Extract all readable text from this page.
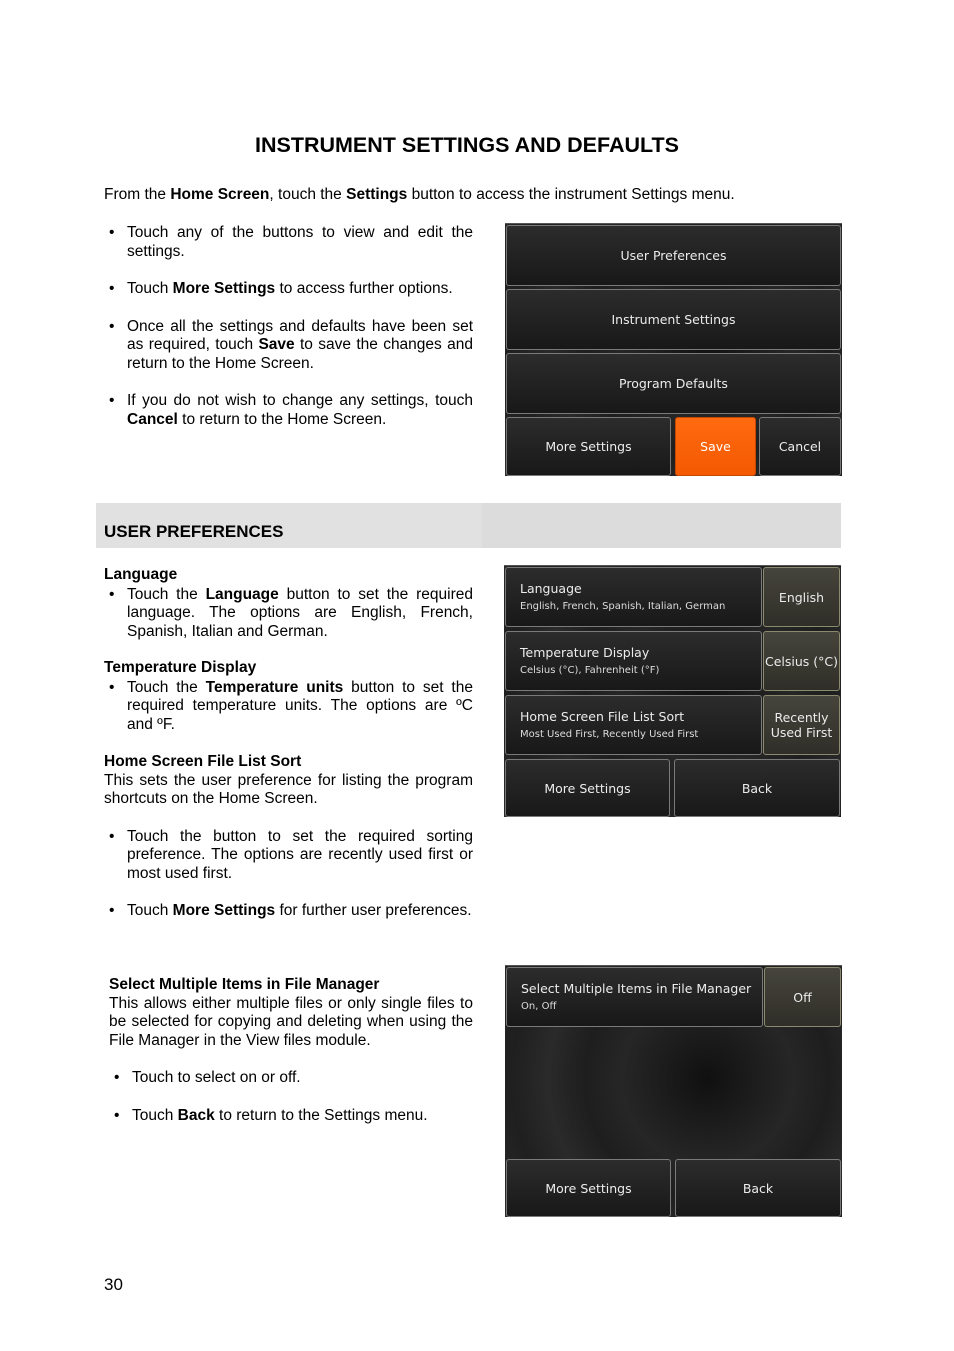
INSTRUMENT SETTINGS AND DEFAULTS

From the Home Screen, touch the Settings button to access the instrument Settings menu.

• Touch any of the buttons to view and edit the settings.
• Touch More Settings to access further options.
• Once all the settings and defaults have been set as required, touch Save to save the changes and return to the Home Screen.
• If you do not wish to change any settings, touch Cancel to return to the Home Screen.
User Preferences
Instrument Settings
Program Defaults
More Settings	Save	Cancel
USER PREFERENCES
Language
• Touch the Language button to set the required language. The options are English, French, Spanish, Italian and German.
Temperature Display
• Touch the Temperature units button to set the required temperature units. The options are ºC and ºF.
Home Screen File List Sort

This sets the user preference for listing the program shortcuts on the Home Screen.

• Touch the button to set the required sorting preference. The options are recently used first or most used first.
• Touch More Settings for further user preferences.
Language
English, French, Spanish, Italian, German
English
Temperature Display
Celsius (°C), Fahrenheit (°F)
Celsius (°C)
Home Screen File List Sort
Most Used First, Recently Used First
Recently
Used First
More Settings	Back
Select Multiple Items in File Manager

This allows either multiple files or only single files to be selected for copying and deleting when using the File Manager in the View files module.

• Touch to select on or off.
• Touch Back to return to the Settings menu.
Select Multiple Items in File Manager
On, Off
Off
More Settings	Back
30
